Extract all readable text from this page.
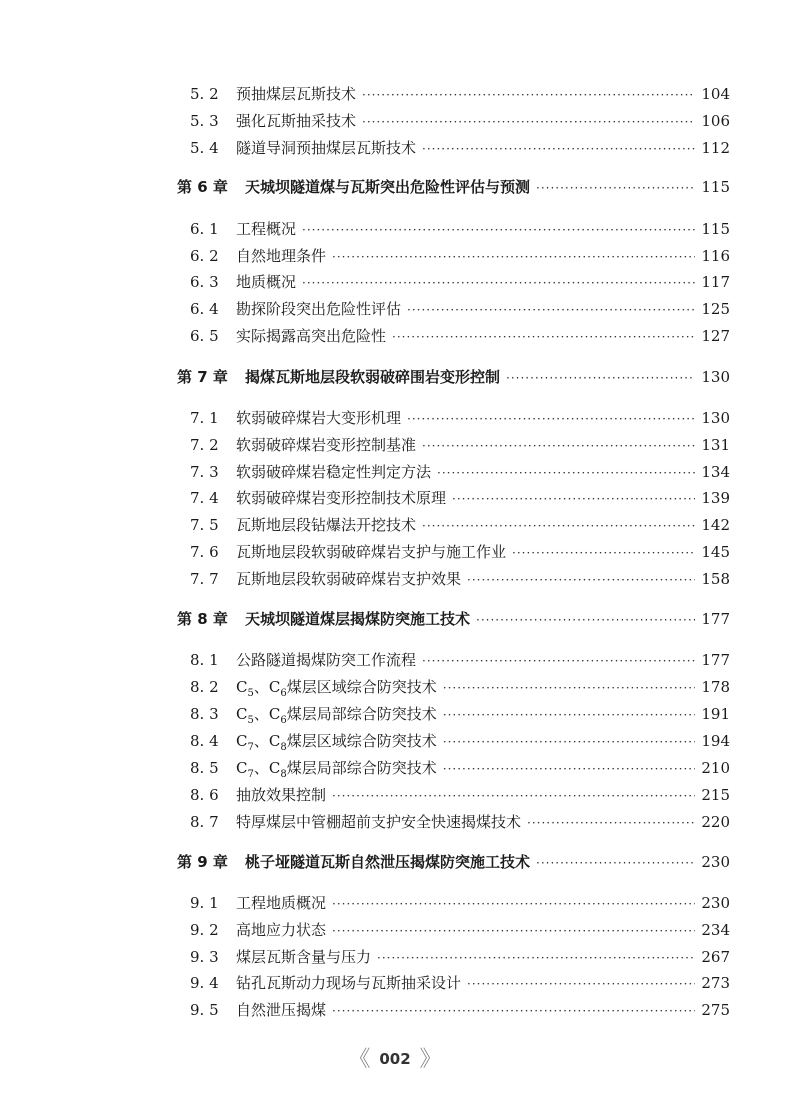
5. 2	预抽煤层瓦斯技术 ·····	104
5. 3	强化瓦斯抽采技术 ·····	106
5. 4	隧道导洞预抽煤层瓦斯技术 ·····	112
第 6 章	天城坝隧道煤与瓦斯突出危险性评估与预测 ·····	115
6. 1	工程概况 ·····	115
6. 2	自然地理条件 ·····	116
6. 3	地质概况 ·····	117
6. 4	勘探阶段突出危险性评估 ·····	125
6. 5	实际揭露高突出危险性 ·····	127
第 7 章	揭煤瓦斯地层段软弱破碎围岩变形控制 ·····	130
7. 1	软弱破碎煤岩大变形机理 ·····	130
7. 2	软弱破碎煤岩变形控制基准 ·····	131
7. 3	软弱破碎煤岩稳定性判定方法 ·····	134
7. 4	软弱破碎煤岩变形控制技术原理 ·····	139
7. 5	瓦斯地层段钻爆法开挖技术 ·····	142
7. 6	瓦斯地层段软弱破碎煤岩支护与施工作业 ·····	145
7. 7	瓦斯地层段软弱破碎煤岩支护效果 ·····	158
第 8 章	天城坝隧道煤层揭煤防突施工技术 ·····	177
8. 1	公路隧道揭煤防突工作流程 ·····	177
8. 2	$C_5$、$C_6$煤层区域综合防突技术 ·····	178
8. 3	$C_5$、$C_6$煤层局部综合防突技术 ·····	191
8. 4	$C_7$、$C_8$煤层区域综合防突技术 ·····	194
8. 5	$C_7$、$C_8$煤层局部综合防突技术 ·····	210
8. 6	抽放效果控制 ·····	215
8. 7	特厚煤层中管棚超前支护安全快速揭煤技术 ·····	220
第 9 章	桃子垭隧道瓦斯自然泄压揭煤防突施工技术 ·····	230
9. 1	工程地质概况 ·····	230
9. 2	高地应力状态 ·····	234
9. 3	煤层瓦斯含量与压力 ·····	267
9. 4	钻孔瓦斯动力现场与瓦斯抽采设计 ·····	273
9. 5	自然泄压揭煤 ·····	275
《 002 》
